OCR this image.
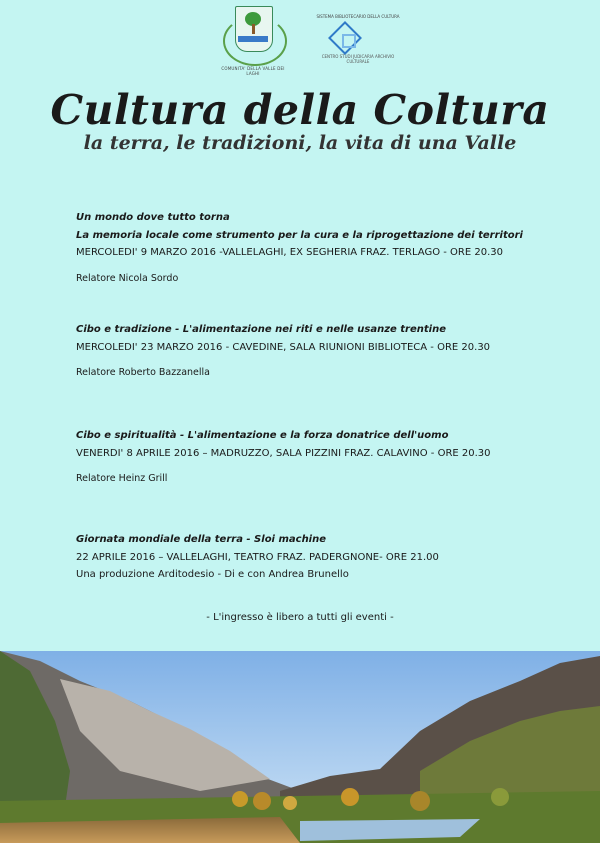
COMUNITA' DELLA VALLE DEI LAGHI
SISTEMA BIBLIOTECARIO DELLA CULTURA
CENTRO STUDI JUDICARIA ARCHIVIO CULTURALE
Cultura della Coltura
la terra, le tradizioni, la vita di una Valle
Un mondo dove tutto torna
La memoria locale come strumento per la cura e la riprogettazione dei territori
MERCOLEDI' 9 MARZO 2016 -VALLELAGHI, EX SEGHERIA FRAZ. TERLAGO - ORE 20.30
Relatore Nicola Sordo
Cibo e tradizione - L'alimentazione nei riti e nelle usanze trentine
MERCOLEDI' 23 MARZO 2016 - CAVEDINE, SALA RIUNIONI BIBLIOTECA - ORE 20.30
Relatore Roberto Bazzanella
Cibo e spiritualità - L'alimentazione e la forza donatrice dell'uomo
VENERDI' 8 APRILE 2016 – MADRUZZO, SALA PIZZINI FRAZ. CALAVINO - ORE 20.30
Relatore Heinz Grill
Giornata mondiale della terra - Sloi machine
22 APRILE 2016 – VALLELAGHI, TEATRO FRAZ. PADERGNONE- ORE 21.00
Una produzione Arditodesio - Di e con Andrea Brunello
- L'ingresso è libero a tutti gli eventi -
